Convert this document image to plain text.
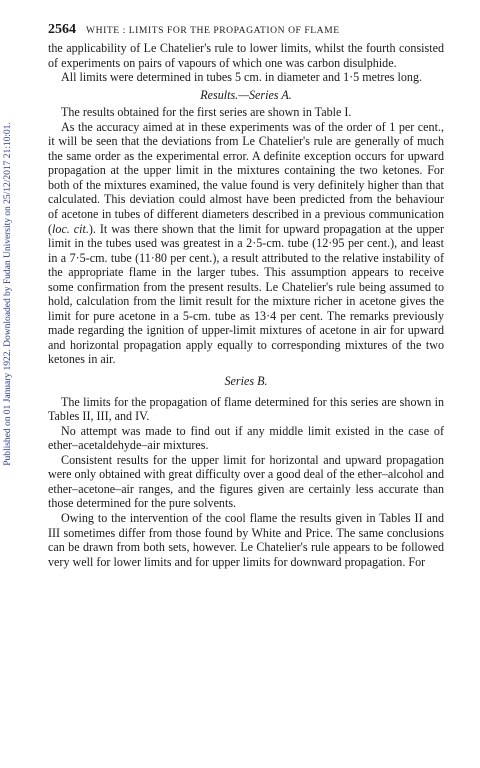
Published on 01 January 1922. Downloaded by Fudan University on 25/12/2017 21:10:01.
2564	WHITE : LIMITS FOR THE PROPAGATION OF FLAME

the applicability of Le Chatelier's rule to lower limits, whilst the fourth consisted of experiments on pairs of vapours of which one was carbon disulphide.

All limits were determined in tubes 5 cm. in diameter and 1·5 metres long.

Results.—Series A.

The results obtained for the first series are shown in Table I.

As the accuracy aimed at in these experiments was of the order of 1 per cent., it will be seen that the deviations from Le Chatelier's rule are generally of much the same order as the experimental error. A definite exception occurs for upward propagation at the upper limit in the mixtures containing the two ketones. For both of the mixtures examined, the value found is very definitely higher than that calculated. This deviation could almost have been predicted from the behaviour of acetone in tubes of different diameters described in a previous communication (loc. cit.). It was there shown that the limit for upward propagation at the upper limit in the tubes used was greatest in a 2·5-cm. tube (12·95 per cent.), and least in a 7·5-cm. tube (11·80 per cent.), a result attributed to the relative instability of the appropriate flame in the larger tubes. This assumption appears to receive some confirmation from the present results. Le Chatelier's rule being assumed to hold, calculation from the limit result for the mixture richer in acetone gives the limit for pure acetone in a 5-cm. tube as 13·4 per cent. The remarks previously made regarding the ignition of upper-limit mixtures of acetone in air for upward and horizontal propagation apply equally to corresponding mixtures of the two ketones in air.

Series B.

The limits for the propagation of flame determined for this series are shown in Tables II, III, and IV.

No attempt was made to find out if any middle limit existed in the case of ether–acetaldehyde–air mixtures.

Consistent results for the upper limit for horizontal and upward propagation were only obtained with great difficulty over a good deal of the ether–alcohol and ether–acetone–air ranges, and the figures given are certainly less accurate than those determined for the pure solvents.

Owing to the intervention of the cool flame the results given in Tables II and III sometimes differ from those found by White and Price. The same conclusions can be drawn from both sets, however. Le Chatelier's rule appears to be followed very well for lower limits and for upper limits for downward propagation. For
